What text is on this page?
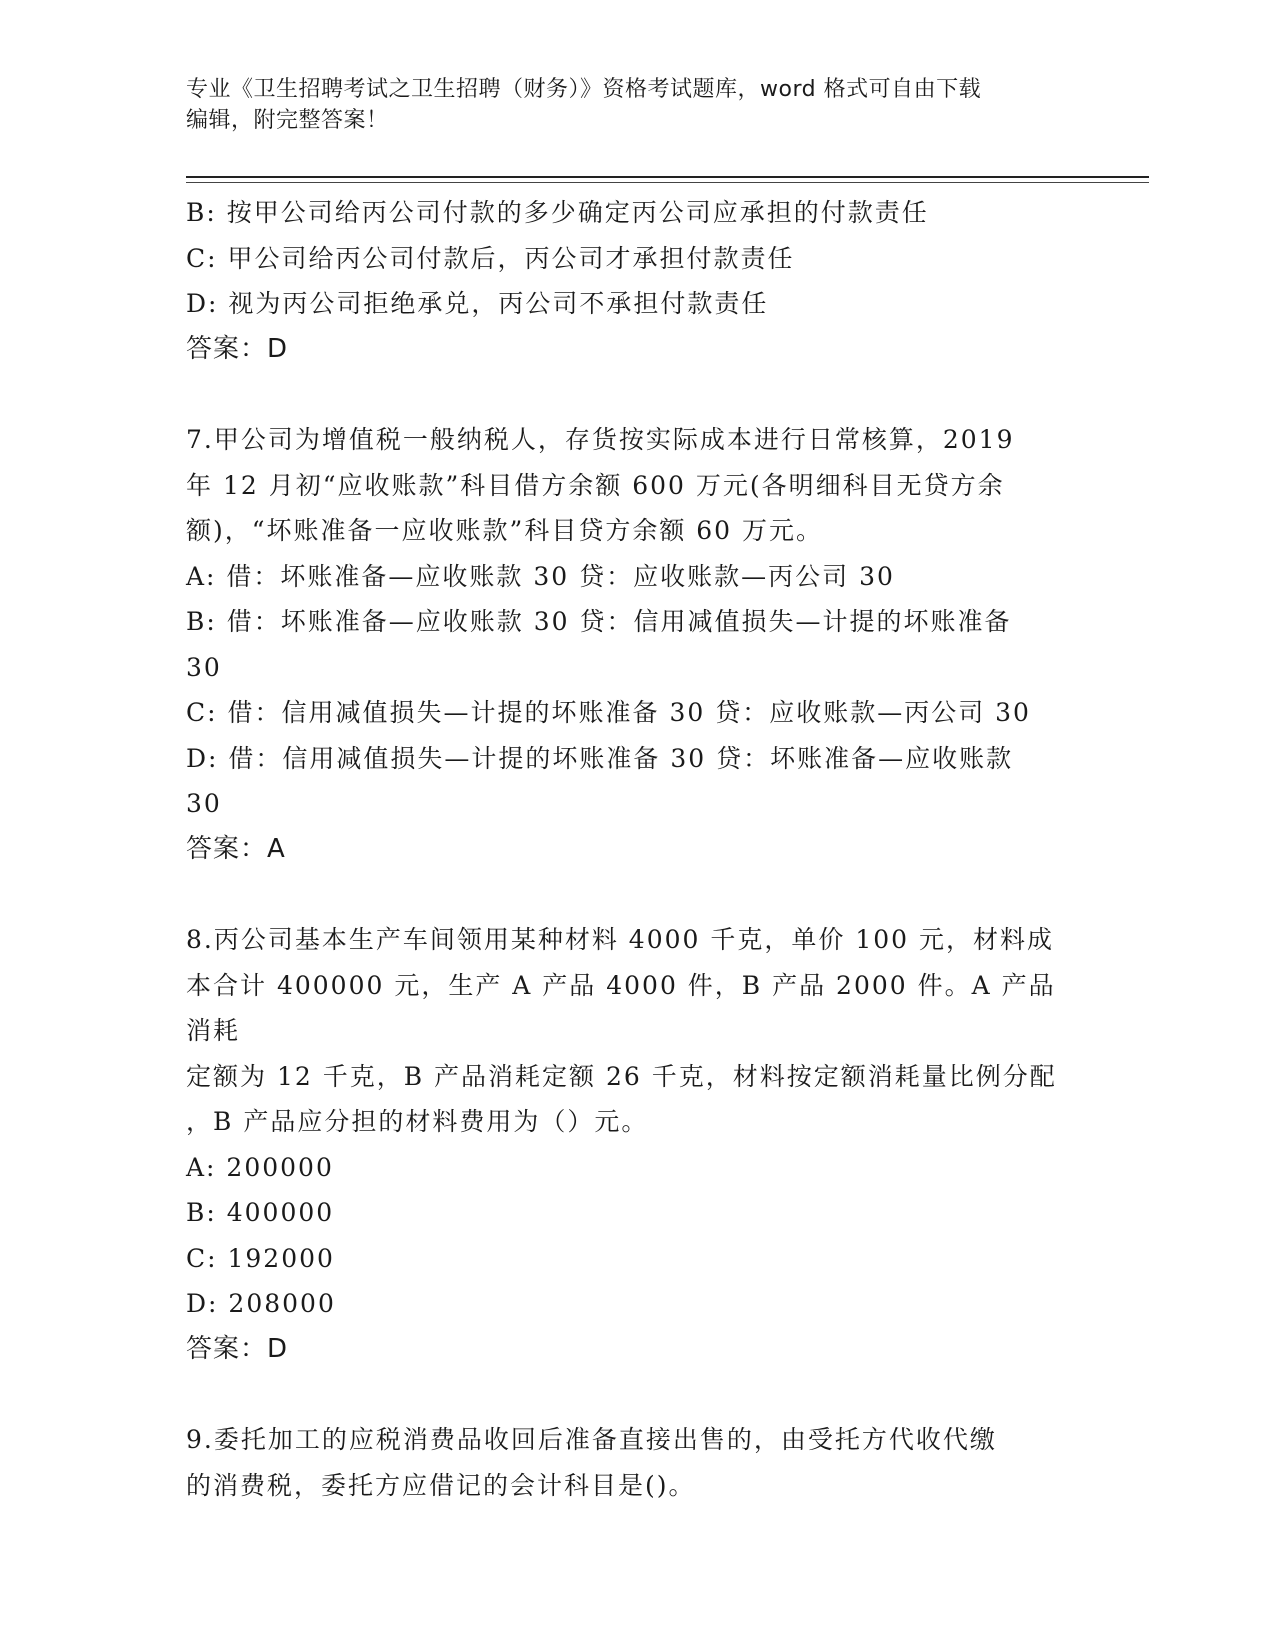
专业《卫生招聘考试之卫生招聘（财务）》资格考试题库，word 格式可自由下载
编辑，附完整答案！
B: 按甲公司给丙公司付款的多少确定丙公司应承担的付款责任
C: 甲公司给丙公司付款后，丙公司才承担付款责任
D: 视为丙公司拒绝承兑，丙公司不承担付款责任
答案：D
7.甲公司为增值税一般纳税人，存货按实际成本进行日常核算，2019
年 12 月初“应收账款”科目借方余额 600 万元(各明细科目无贷方余
额)，“坏账准备一应收账款”科目贷方余额 60 万元。
A: 借：坏账准备—应收账款 30 贷：应收账款—丙公司 30
B: 借：坏账准备—应收账款 30 贷：信用减值损失—计提的坏账准备
30
C: 借：信用减值损失—计提的坏账准备 30 贷：应收账款—丙公司 30
D: 借：信用减值损失—计提的坏账准备 30 贷：坏账准备—应收账款
30
答案：A
8.丙公司基本生产车间领用某种材料 4000 千克，单价 100 元，材料成
本合计 400000 元，生产 A 产品 4000 件，B 产品 2000 件。A 产品消耗
定额为 12 千克，B 产品消耗定额 26 千克，材料按定额消耗量比例分配
，B 产品应分担的材料费用为（）元。
A: 200000
B: 400000
C: 192000
D: 208000
答案：D
9.委托加工的应税消费品收回后准备直接出售的，由受托方代收代缴
的消费税，委托方应借记的会计科目是()。
